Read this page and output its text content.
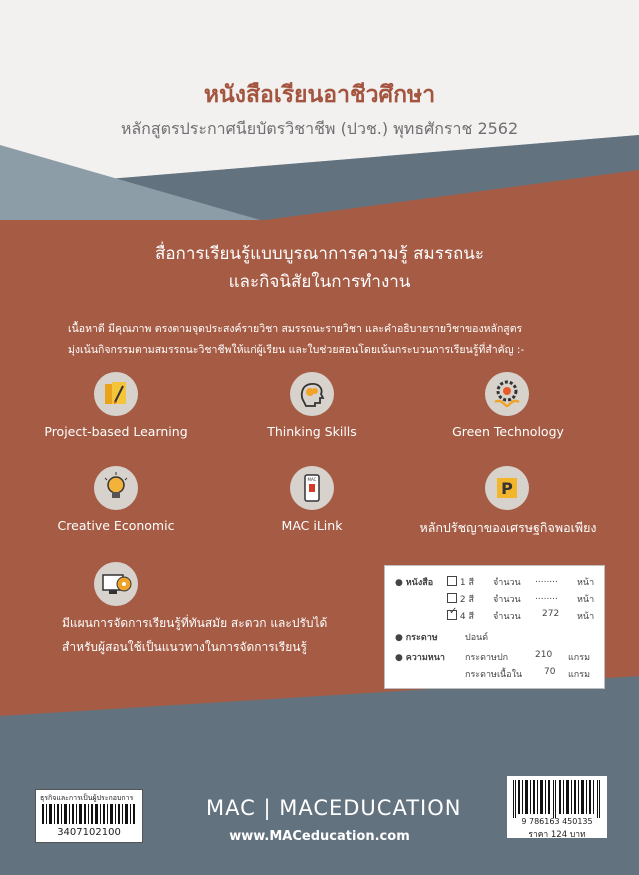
หนังสือเรียนอาชีวศึกษา
หลักสูตรประกาศนียบัตรวิชาชีพ (ปวช.) พุทธศักราช 2562
สื่อการเรียนรู้แบบบูรณาการความรู้ สมรรถนะ
และกิจนิสัยในการทำงาน
เนื้อหาดี มีคุณภาพ ตรงตามจุดประสงค์รายวิชา สมรรถนะรายวิชา และคำอธิบายรายวิชาของหลักสูตร
มุ่งเน้นกิจกรรมตามสมรรถนะวิชาชีพให้แก่ผู้เรียน และใบช่วยสอนโดยเน้นกระบวนการเรียนรู้ที่สำคัญ :-
Project-based Learning	Thinking Skills	Green Technology
Creative Economic
MAC
MAC iLink
P
หลักปรัชญาของเศรษฐกิจพอเพียง
มีแผนการจัดการเรียนรู้ที่ทันสมัย สะดวก และปรับได้
สำหรับผู้สอนใช้เป็นแนวทางในการจัดการเรียนรู้
● หนังสือ	1 สี จำนวน ........ หน้า
2 สี จำนวน ........ หน้า
✓ 4 สี จำนวน 272 หน้า
● กระดาษ	ปอนด์
● ความหนา กระดาษปก	210 แกรม
กระดาษเนื้อใน 70 แกรม
ธุรกิจและการเป็นผู้ประกอบการ
3407102100
MAC | MACEDUCATION
www.MACeducation.com
9 786163 450135
ราคา 124 บาท
